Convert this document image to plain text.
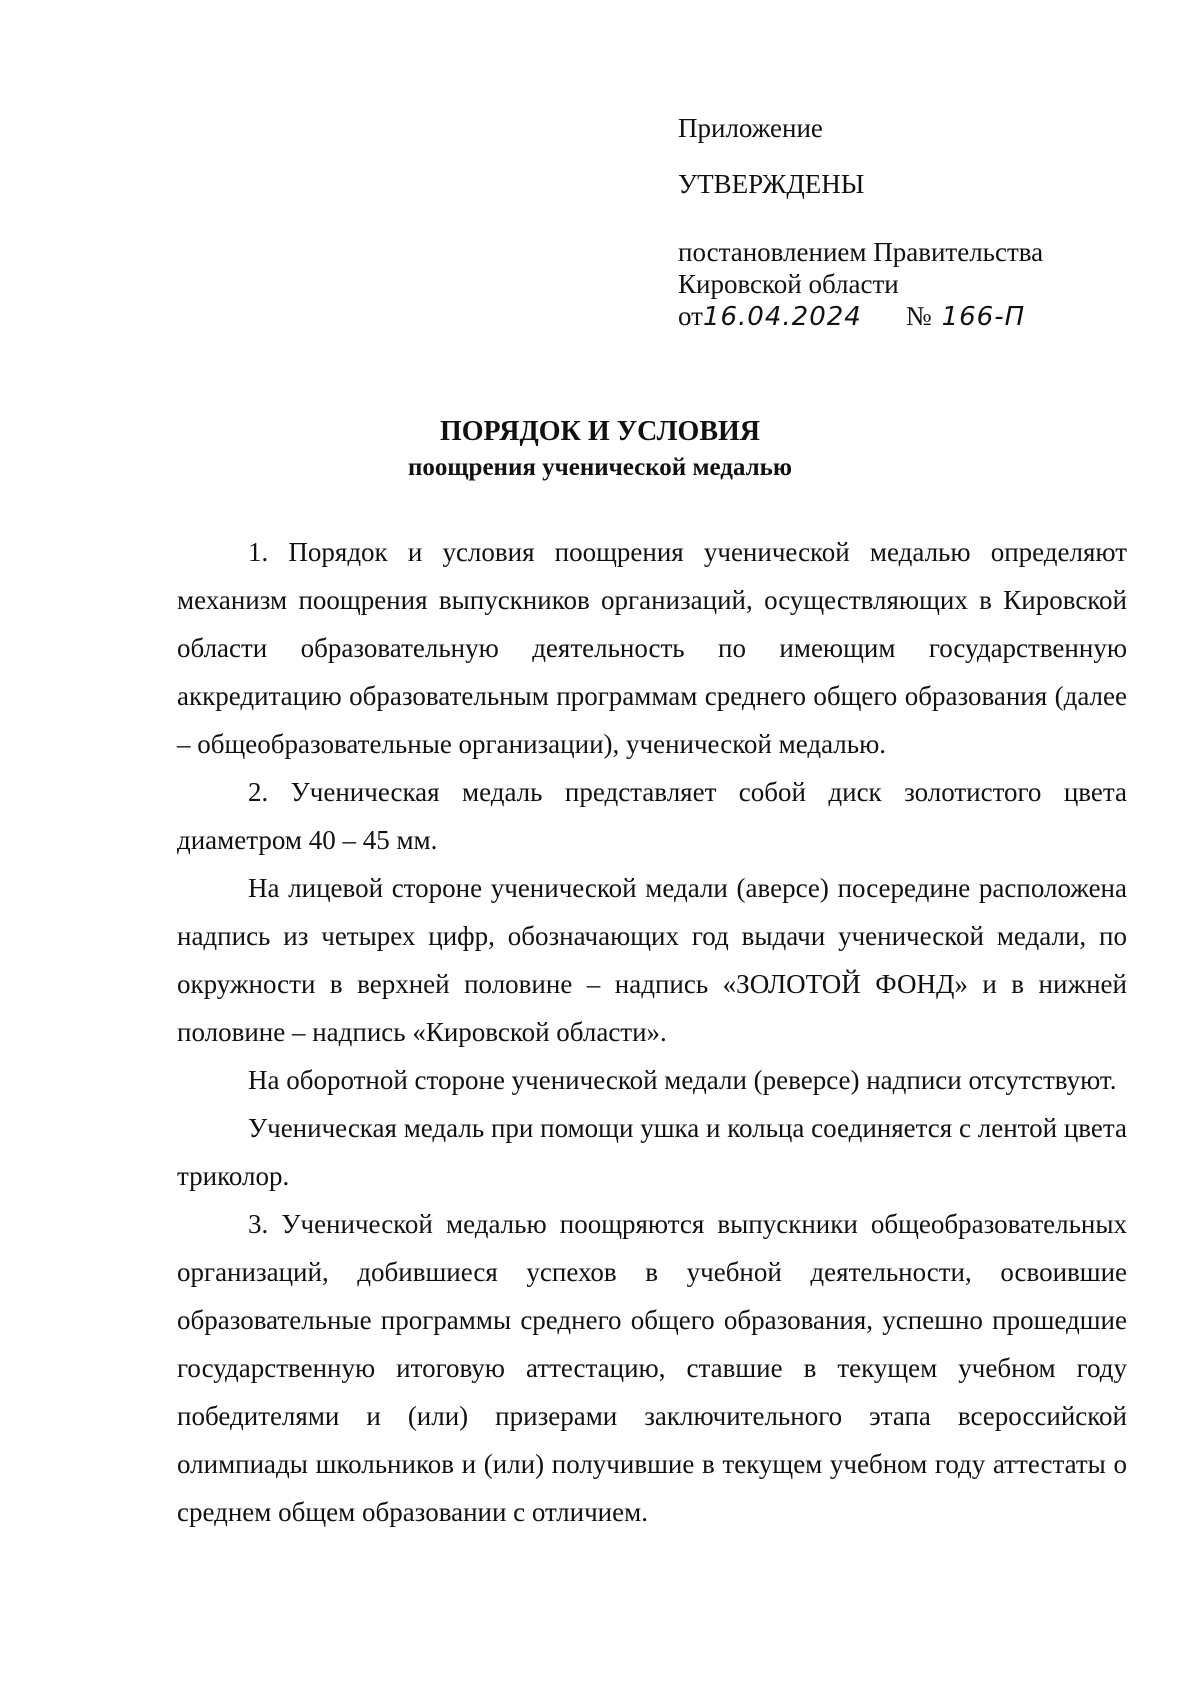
Приложение
УТВЕРЖДЕНЫ
постановлением Правительства
Кировской области
от16.04.2024 № 166-П
ПОРЯДОК И УСЛОВИЯ
поощрения ученической медалью

1. Порядок и условия поощрения ученической медалью определяют механизм поощрения выпускников организаций, осуществляющих в Кировской области образовательную деятельность по имеющим государственную аккредитацию образовательным программам среднего общего образования (далее – общеобразовательные организации), ученической медалью.

2. Ученическая медаль представляет собой диск золотистого цвета диаметром 40 – 45 мм.

На лицевой стороне ученической медали (аверсе) посередине расположена надпись из четырех цифр, обозначающих год выдачи ученической медали, по окружности в верхней половине – надпись «ЗОЛОТОЙ ФОНД» и в нижней половине – надпись «Кировской области».

На оборотной стороне ученической медали (реверсе) надписи отсутствуют.

Ученическая медаль при помощи ушка и кольца соединяется с лентой цвета триколор.

3. Ученической медалью поощряются выпускники общеобразовательных организаций, добившиеся успехов в учебной деятельности, освоившие образовательные программы среднего общего образования, успешно прошедшие государственную итоговую аттестацию, ставшие в текущем учебном году победителями и (или) призерами заключительного этапа всероссийской олимпиады школьников и (или) получившие в текущем учебном году аттестаты о среднем общем образовании с отличием.
